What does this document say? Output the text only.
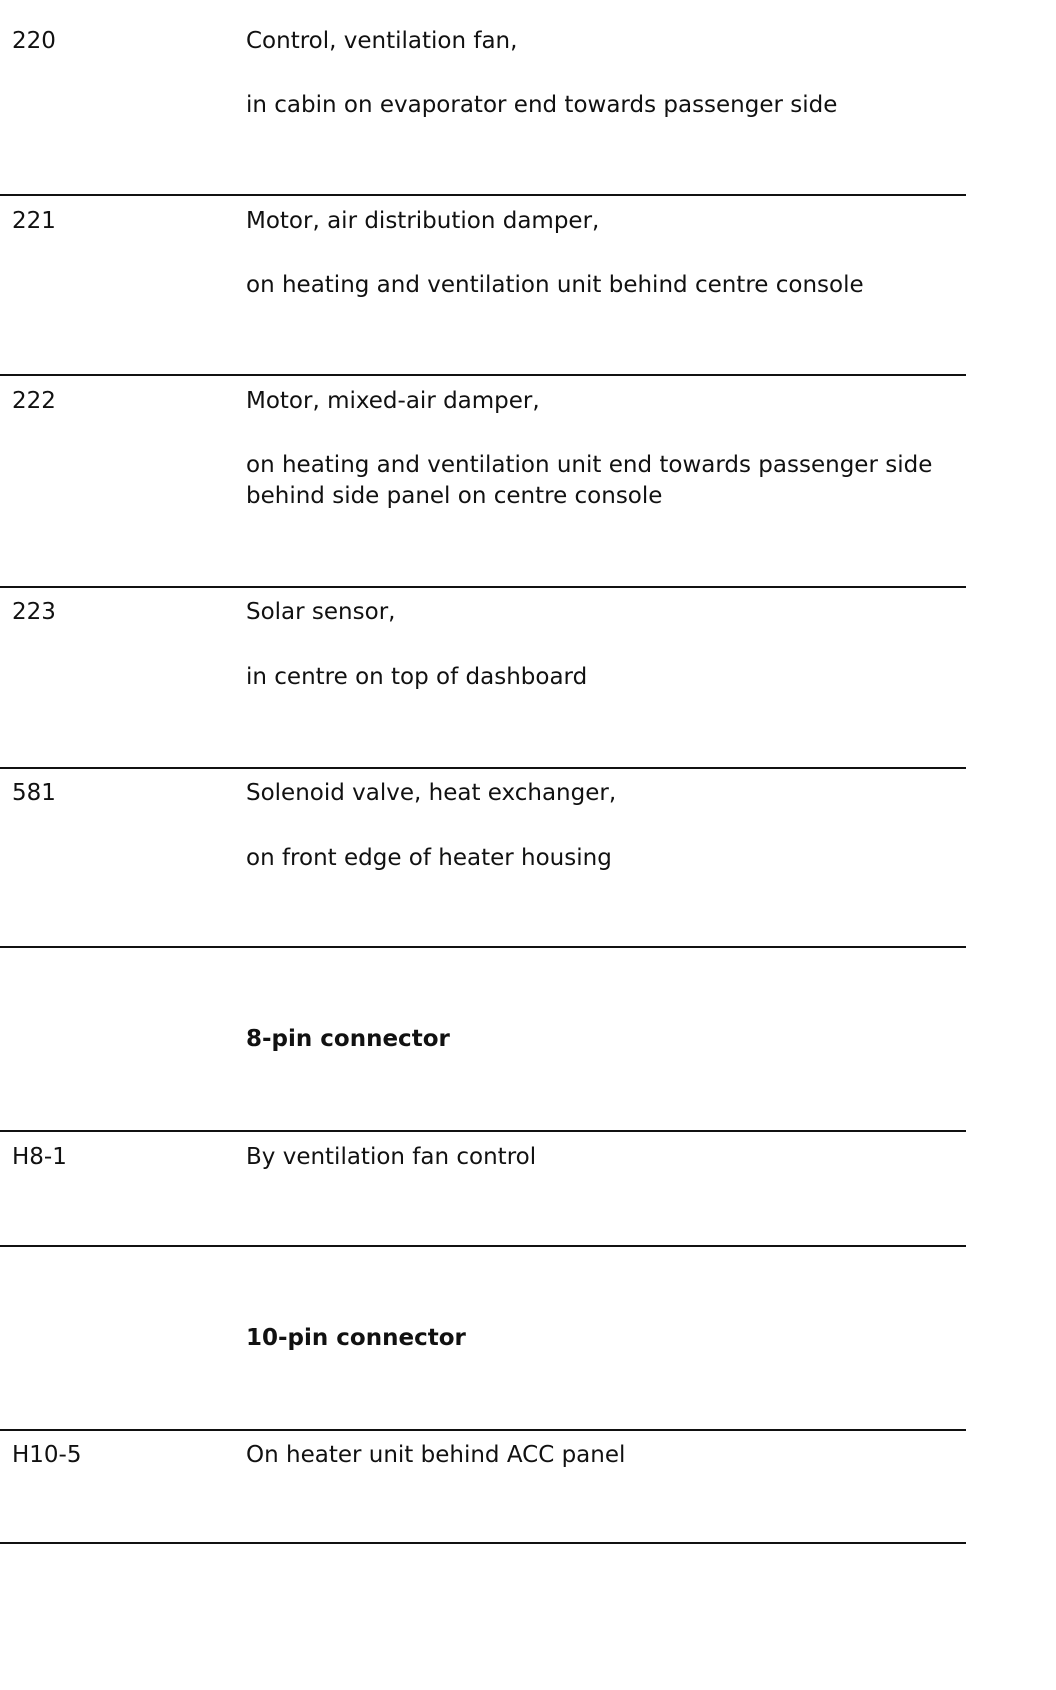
220	Control, ventilation fan,
in cabin on evaporator end towards passenger side
221	Motor, air distribution damper,
on heating and ventilation unit behind centre console
222	Motor, mixed-air damper,
on heating and ventilation unit end towards passenger side behind side panel on centre console
223	Solar sensor,
in centre on top of dashboard
581	Solenoid valve, heat exchanger,
on front edge of heater housing
8-pin connector
H8-1	By ventilation fan control
10-pin connector
H10-5	On heater unit behind ACC panel
